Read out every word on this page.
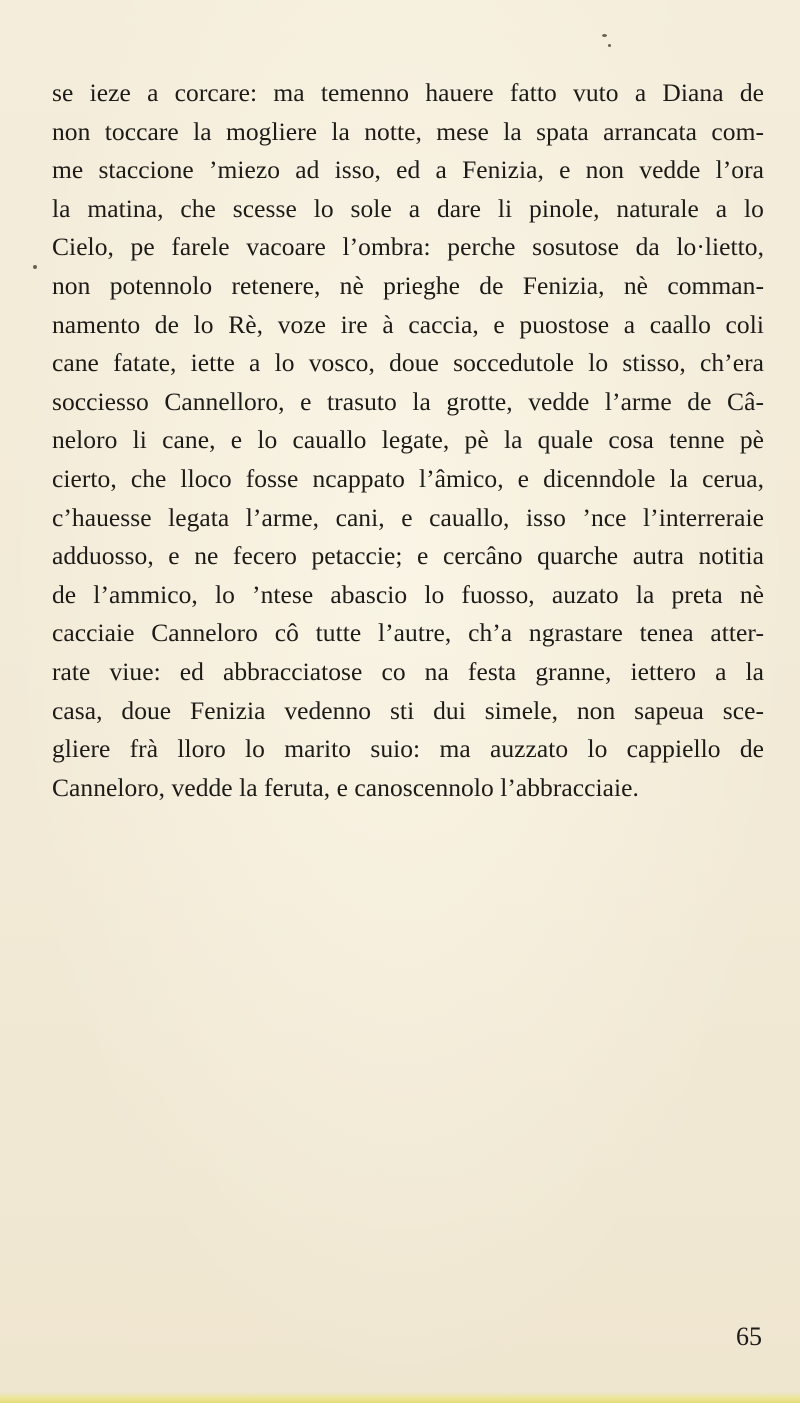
se ieze a corcare: ma temenno hauere fatto vuto a Diana de
non toccare la mogliere la notte, mese la spata arrancata com-
me staccione ’miezo ad isso, ed a Fenizia, e non vedde l’ora
la matina, che scesse lo sole a dare li pinole, naturale a lo
Cielo, pe farele vacoare l’ombra: perche sosutose da lo·lietto,
non potennolo retenere, nè prieghe de Fenizia, nè comman-
namento de lo Rè, voze ire à caccia, e puostose a caallo coli
cane fatate, iette a lo vosco, doue soccedutole lo stisso, ch’era
socciesso Cannelloro, e trasuto la grotte, vedde l’arme de Câ-
neloro li cane, e lo cauallo legate, pè la quale cosa tenne pè
cierto, che lloco fosse ncappato l’âmico, e dicenndole la cerua,
c’hauesse legata l’arme, cani, e cauallo, isso ’nce l’interreraie
adduosso, e ne fecero petaccie; e cercâno quarche autra notitia
de l’ammico, lo ’ntese abascio lo fuosso, auzato la preta nè
cacciaie Canneloro cô tutte l’autre, ch’a ngrastare tenea atter-
rate viue: ed abbracciatose co na festa granne, iettero a la
casa, doue Fenizia vedenno sti dui simele, non sapeua sce-
gliere frà lloro lo marito suio: ma auzzato lo cappiello de
Canneloro, vedde la feruta, e canoscennolo l’abbracciaie.
65
